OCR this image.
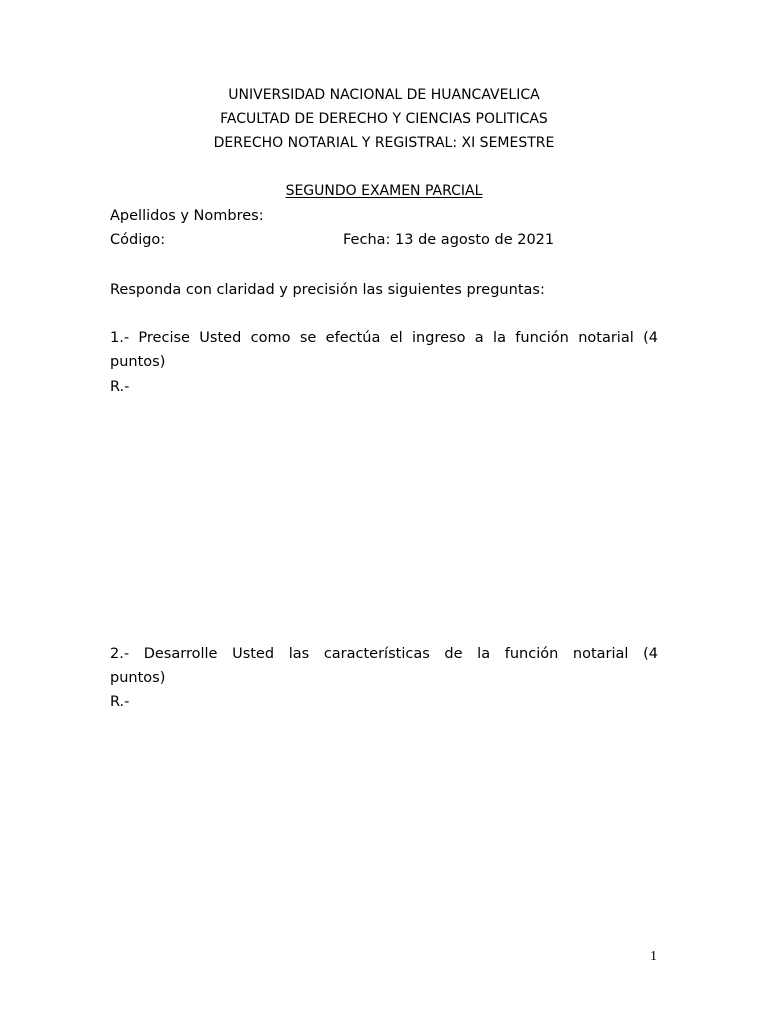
UNIVERSIDAD NACIONAL DE HUANCAVELICA
FACULTAD DE DERECHO Y CIENCIAS POLITICAS
DERECHO NOTARIAL Y REGISTRAL: XI SEMESTRE
SEGUNDO EXAMEN PARCIAL
Apellidos y Nombres:
Código:	Fecha: 13 de agosto de 2021
Responda con claridad y precisión las siguientes preguntas:
1.- Precise Usted como se efectúa el ingreso a la función notarial (4
puntos)
R.-
2.- Desarrolle Usted las características de la función notarial (4
puntos)
R.-
1
